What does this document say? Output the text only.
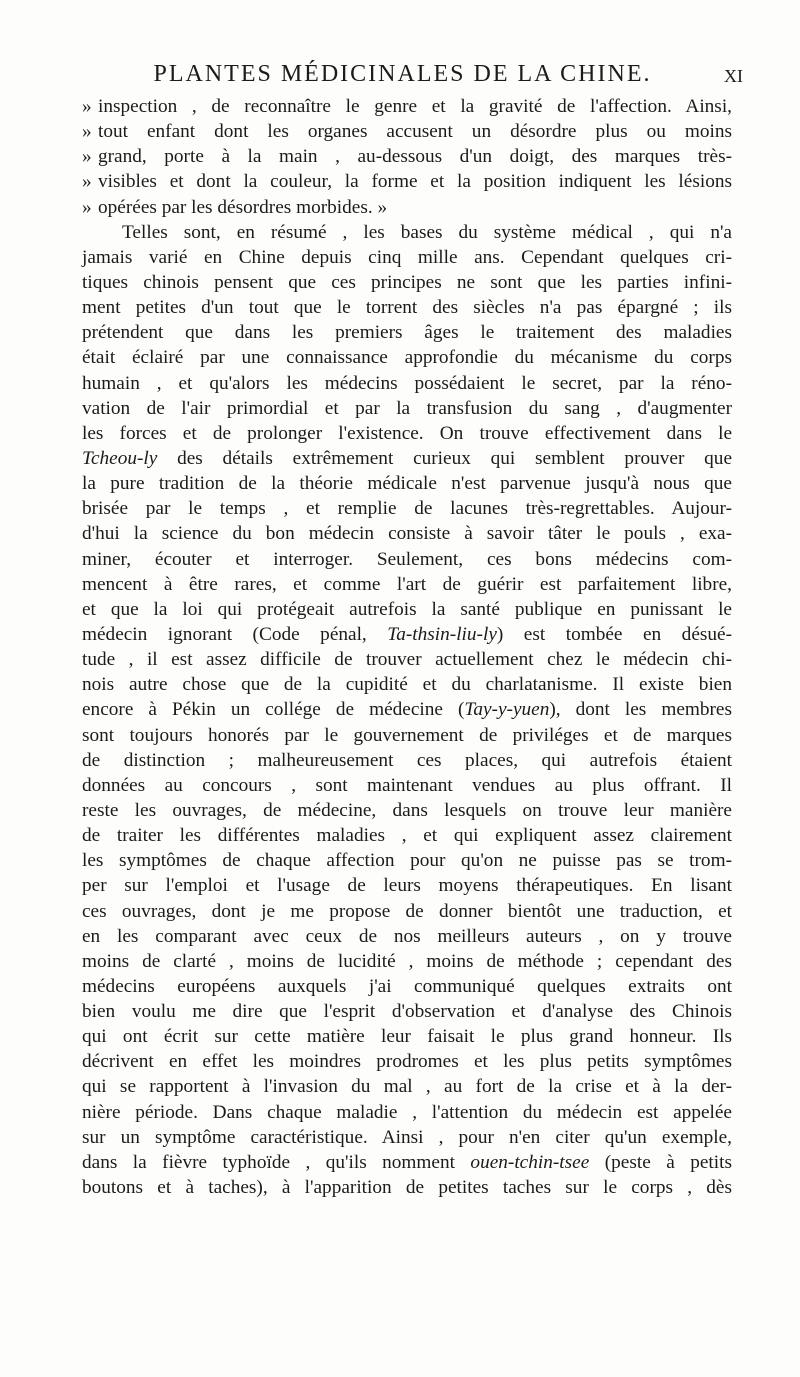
PLANTES MÉDICINALES DE LA CHINE.	XI
» inspection , de reconnaître le genre et la gravité de l'affection. Ainsi,
» tout enfant dont les organes accusent un désordre plus ou moins
» grand, porte à la main , au-dessous d'un doigt, des marques très-
» visibles et dont la couleur, la forme et la position indiquent les lésions
» opérées par les désordres morbides. »
Telles sont, en résumé , les bases du système médical , qui n'a
jamais varié en Chine depuis cinq mille ans. Cependant quelques cri-
tiques chinois pensent que ces principes ne sont que les parties infini-
ment petites d'un tout que le torrent des siècles n'a pas épargné ; ils
prétendent que dans les premiers âges le traitement des maladies
était éclairé par une connaissance approfondie du mécanisme du corps
humain , et qu'alors les médecins possédaient le secret, par la réno-
vation de l'air primordial et par la transfusion du sang , d'augmenter
les forces et de prolonger l'existence. On trouve effectivement dans le
Tcheou-ly des détails extrêmement curieux qui semblent prouver que
la pure tradition de la théorie médicale n'est parvenue jusqu'à nous que
brisée par le temps , et remplie de lacunes très-regrettables. Aujour-
d'hui la science du bon médecin consiste à savoir tâter le pouls , exa-
miner, écouter et interroger. Seulement, ces bons médecins com-
mencent à être rares, et comme l'art de guérir est parfaitement libre,
et que la loi qui protégeait autrefois la santé publique en punissant le
médecin ignorant (Code pénal, Ta-thsin-liu-ly) est tombée en désué-
tude , il est assez difficile de trouver actuellement chez le médecin chi-
nois autre chose que de la cupidité et du charlatanisme. Il existe bien
encore à Pékin un collége de médecine (Tay-y-yuen), dont les membres
sont toujours honorés par le gouvernement de priviléges et de marques
de distinction ; malheureusement ces places, qui autrefois étaient
données au concours , sont maintenant vendues au plus offrant. Il
reste les ouvrages, de médecine, dans lesquels on trouve leur manière
de traiter les différentes maladies , et qui expliquent assez clairement
les symptômes de chaque affection pour qu'on ne puisse pas se trom-
per sur l'emploi et l'usage de leurs moyens thérapeutiques. En lisant
ces ouvrages, dont je me propose de donner bientôt une traduction, et
en les comparant avec ceux de nos meilleurs auteurs , on y trouve
moins de clarté , moins de lucidité , moins de méthode ; cependant des
médecins européens auxquels j'ai communiqué quelques extraits ont
bien voulu me dire que l'esprit d'observation et d'analyse des Chinois
qui ont écrit sur cette matière leur faisait le plus grand honneur. Ils
décrivent en effet les moindres prodromes et les plus petits symptômes
qui se rapportent à l'invasion du mal , au fort de la crise et à la der-
nière période. Dans chaque maladie , l'attention du médecin est appelée
sur un symptôme caractéristique. Ainsi , pour n'en citer qu'un exemple,
dans la fièvre typhoïde , qu'ils nomment ouen-tchin-tsee (peste à petits
boutons et à taches), à l'apparition de petites taches sur le corps , dès
